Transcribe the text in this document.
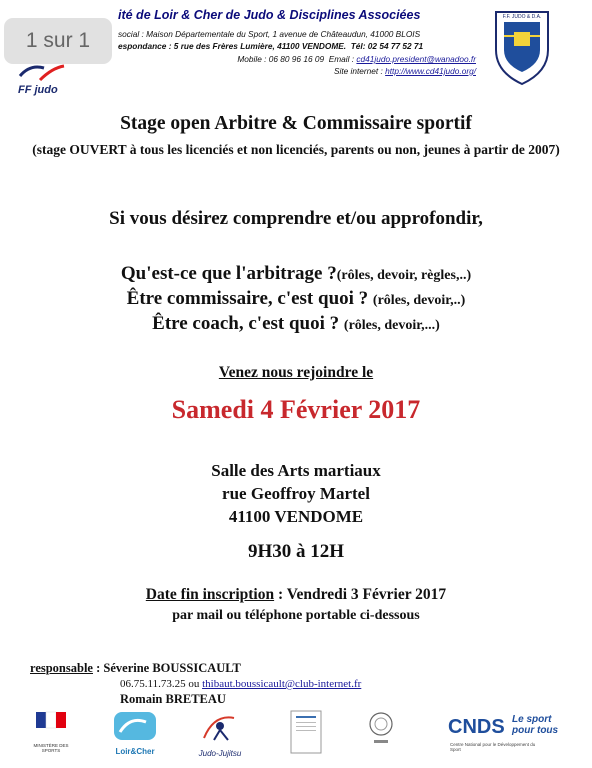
ité de Loir & Cher de Judo & Disciplines Associées
social : Maison Départementale du Sport, 1 avenue de Châteaudun, 41000 BLOIS
espondance : 5 rue des Frères Lumière, 41100 VENDOME. Tél: 02 54 77 52 71
Mobile : 06 80 96 16 09 Email : cd41judo.president@wanadoo.fr
Site internet : http://www.cd41judo.org/
FF judo
1 sur 1
F.F. JUDO & D.A.
Stage open Arbitre & Commissaire sportif
(stage OUVERT à tous les licenciés et non licenciés, parents ou non, jeunes à partir de 2007)
Si vous désirez comprendre et/ou approfondir,
Qu'est-ce que l'arbitrage ?(rôles, devoir, règles,..)
Être commissaire, c'est quoi ? (rôles, devoir,..)
Être coach, c'est quoi ? (rôles, devoir,...)
Venez nous rejoindre le
Samedi 4 Février 2017
Salle des Arts martiaux
rue Geoffroy Martel
41100 VENDOME
9H30 à 12H
Date fin inscription : Vendredi 3 Février 2017
par mail ou téléphone portable ci-dessous
responsable : Séverine BOUSSICAULT
06.75.11.73.25 ou thibaut.boussicault@club-internet.fr
Romain BRETEAU
MINISTÈRE DES SPORTS	Loir&Cher	Judo-Jujitsu
CNDS Le sport pour tous
Centre National pour le Développement du Sport
